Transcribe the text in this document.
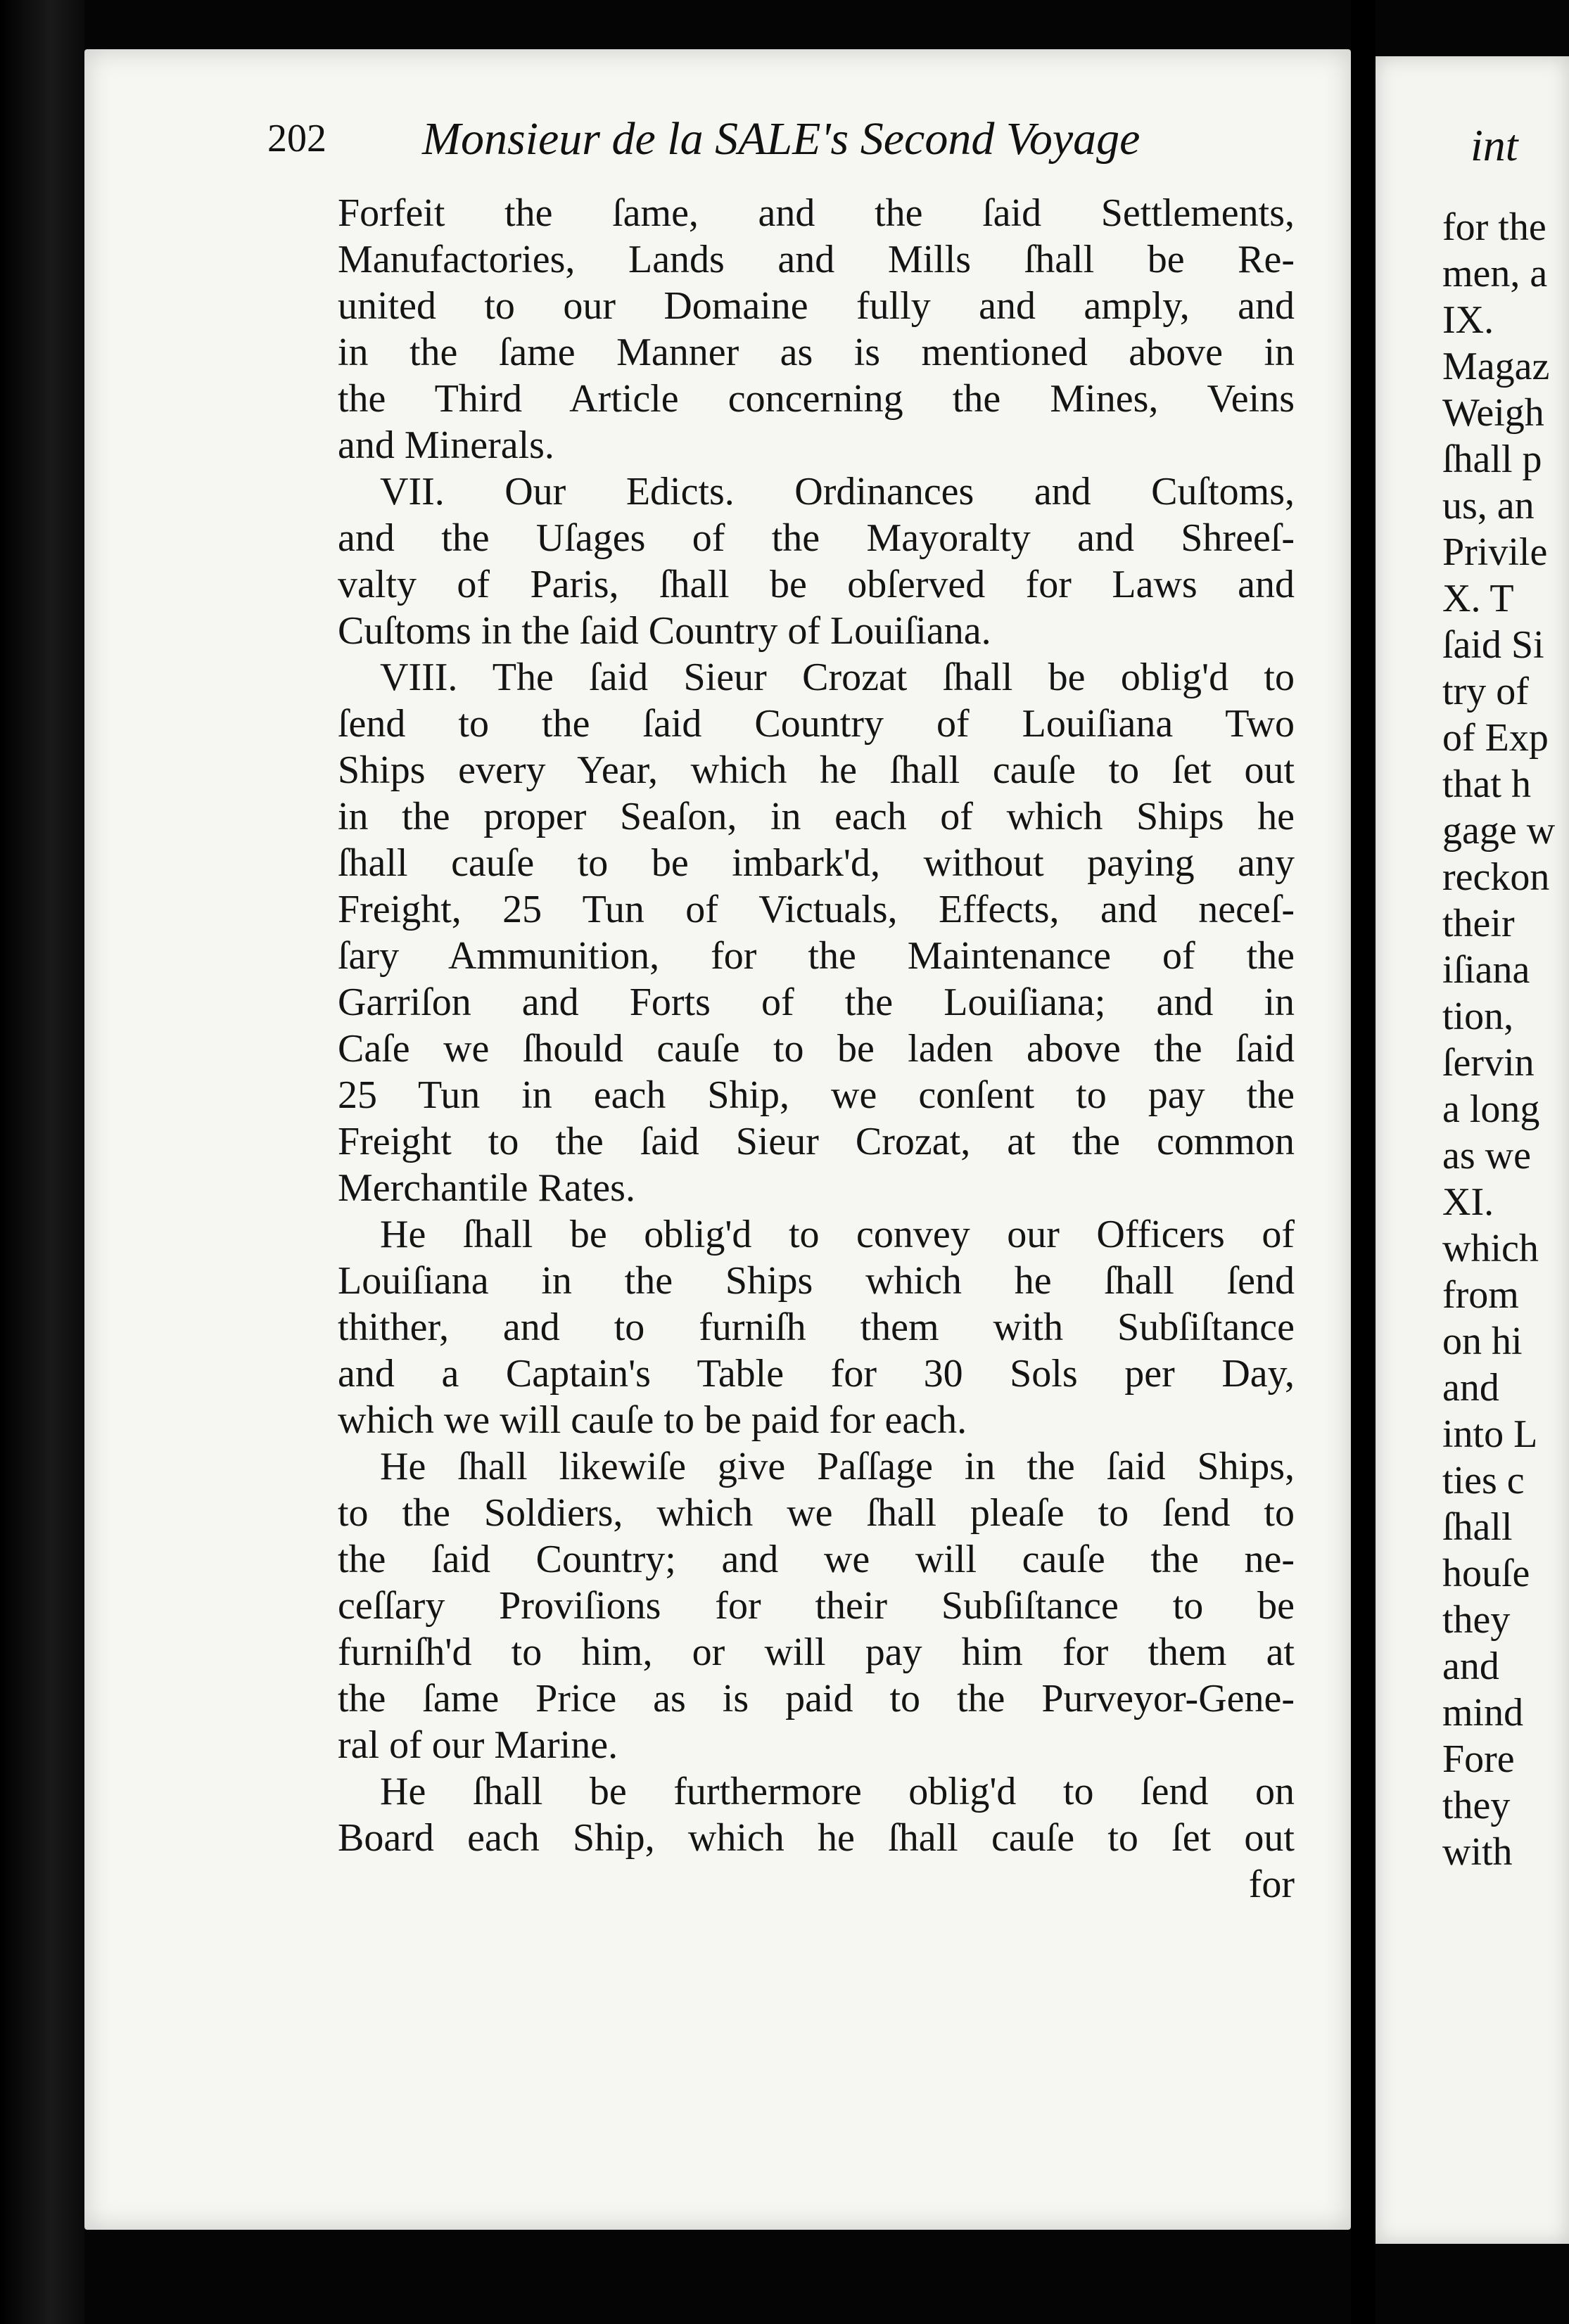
202 Monsieur de la SALE's Second Voyage
Forfeit the ſame, and the ſaid Settlements,
Manufactories, Lands and Mills ſhall be Re-
united to our Domaine fully and amply, and
in the ſame Manner as is mentioned above in
the Third Article concerning the Mines, Veins
and Minerals.
VII. Our Edicts. Ordinances and Cuſtoms,
and the Uſages of the Mayoralty and Shreeſ-
valty of Paris, ſhall be obſerved for Laws and
Cuſtoms in the ſaid Country of Louiſiana.
VIII. The ſaid Sieur Crozat ſhall be oblig'd to
ſend to the ſaid Country of Louiſiana Two
Ships every Year, which he ſhall cauſe to ſet out
in the proper Seaſon, in each of which Ships he
ſhall cauſe to be imbark'd, without paying any
Freight, 25 Tun of Victuals, Effects, and neceſ-
ſary Ammunition, for the Maintenance of the
Garriſon and Forts of the Louiſiana; and in
Caſe we ſhould cauſe to be laden above the ſaid
25 Tun in each Ship, we conſent to pay the
Freight to the ſaid Sieur Crozat, at the common
Merchantile Rates.
He ſhall be oblig'd to convey our Officers of
Louiſiana in the Ships which he ſhall ſend
thither, and to furniſh them with Subſiſtance
and a Captain's Table for 30 Sols per Day,
which we will cauſe to be paid for each.
He ſhall likewiſe give Paſſage in the ſaid Ships,
to the Soldiers, which we ſhall pleaſe to ſend to
the ſaid Country; and we will cauſe the ne-
ceſſary Proviſions for their Subſiſtance to be
furniſh'd to him, or will pay him for them at
the ſame Price as is paid to the Purveyor-Gene-
ral of our Marine.
He ſhall be furthermore oblig'd to ſend on
Board each Ship, which he ſhall cauſe to ſet out
for
int
for the
men, a
IX.
Magaz
Weigh
ſhall p
us, an
Privile
X. T
ſaid Si
try of
of Exp
that h
gage w
reckon
their
iſiana
tion,
ſervin
a long
as we
XI.
which
from
on hi
and
into L
ties c
ſhall
houſe
they
and
mind
Fore
they
with
